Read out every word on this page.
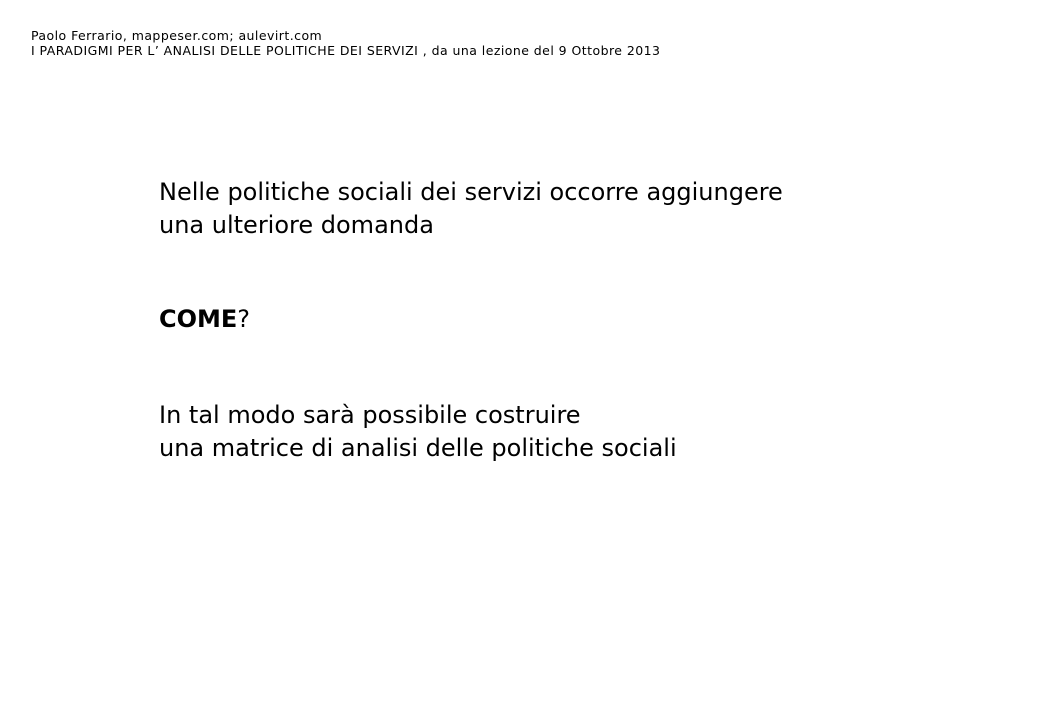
Paolo Ferrario, mappeser.com; aulevirt.com
I PARADIGMI PER L’ ANALISI DELLE POLITICHE DEI SERVIZI , da una lezione del 9 Ottobre 2013
Nelle politiche sociali dei servizi occorre aggiungere
una ulteriore domanda
COME?
In tal modo sarà possibile costruire
una matrice di analisi delle politiche sociali
